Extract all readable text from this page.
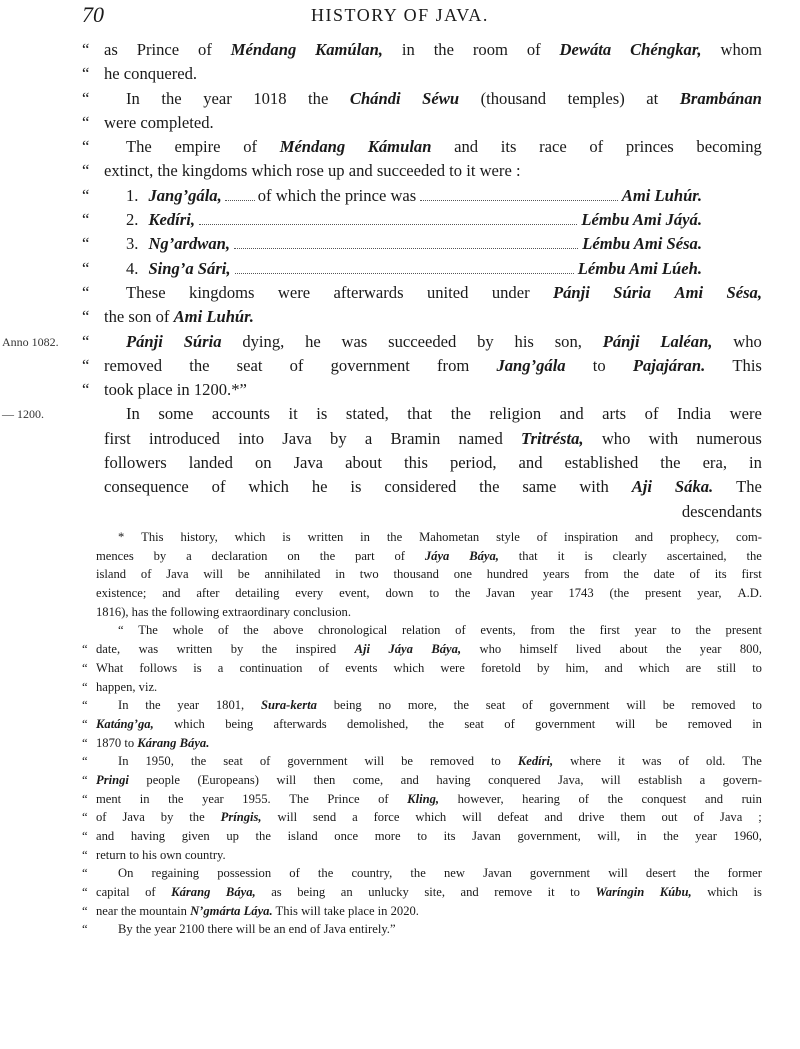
70	HISTORY OF JAVA.
“ as Prince of Méndang Kamúlan, in the room of Dewáta Chéngkar, whom
“ he conquered.
“	In the year 1018 the Chándi Séwu (thousand temples) at Brambánan
“ were completed.
“	The empire of Méndang Kámulan and its race of princes becoming
“ extinct, the kingdoms which rose up and succeeded to it were :
“	1. Jang’gála, of which the prince was	Ami Luhúr.
“	2. Kedíri,	Lémbu Ami Jáyá.
“	3. Ng’ardwan,	Lémbu Ami Sésa.
“	4. Sing’a Sári,	Lémbu Ami Lúeh.
“	These kingdoms were afterwards united under Pánji Súria Ami Sésa,
“ the son of Ami Luhúr.
“	Pánji Súria dying, he was succeeded by his son, Pánji Laléan, who
Anno 1082.
“ removed the seat of government from Jang’gála to Pajajáran. This
“ took place in 1200.*”
In some accounts it is stated, that the religion and arts of India were
— 1200.
first introduced into Java by a Bramin named Tritrésta, who with numerous
followers landed on Java about this period, and established the era, in
consequence of which he is considered the same with Aji Sáka. The
descendants
* This history, which is written in the Mahometan style of inspiration and prophecy, com-
mences by a declaration on the part of Jáya Báya, that it is clearly ascertained, the
island of Java will be annihilated in two thousand one hundred years from the date of its first
existence; and after detailing every event, down to the Javan year 1743 (the present year, A.D.
1816), has the following extraordinary conclusion.
“ The whole of the above chronological relation of events, from the first year to the present
“ date, was written by the inspired Aji Jáya Báya, who himself lived about the year 800,
“ What follows is a continuation of events which were foretold by him, and which are still to
“ happen, viz.
“	In the year 1801, Sura-kerta being no more, the seat of government will be removed to
“ Katáng’ga, which being afterwards demolished, the seat of government will be removed in
“ 1870 to Kárang Báya.
“	In 1950, the seat of government will be removed to Kedíri, where it was of old. The
“ Pringi people (Europeans) will then come, and having conquered Java, will establish a govern-
“ ment in the year 1955. The Prince of Kling, however, hearing of the conquest and ruin
“ of Java by the Príngis, will send a force which will defeat and drive them out of Java ;
“ and having given up the island once more to its Javan government, will, in the year 1960,
“ return to his own country.
“	On regaining possession of the country, the new Javan government will desert the former
“ capital of Kárang Báya, as being an unlucky site, and remove it to Waríngin Kúbu, which is
“ near the mountain N’gmárta Láya. This will take place in 2020.
“ By the year 2100 there will be an end of Java entirely.”
